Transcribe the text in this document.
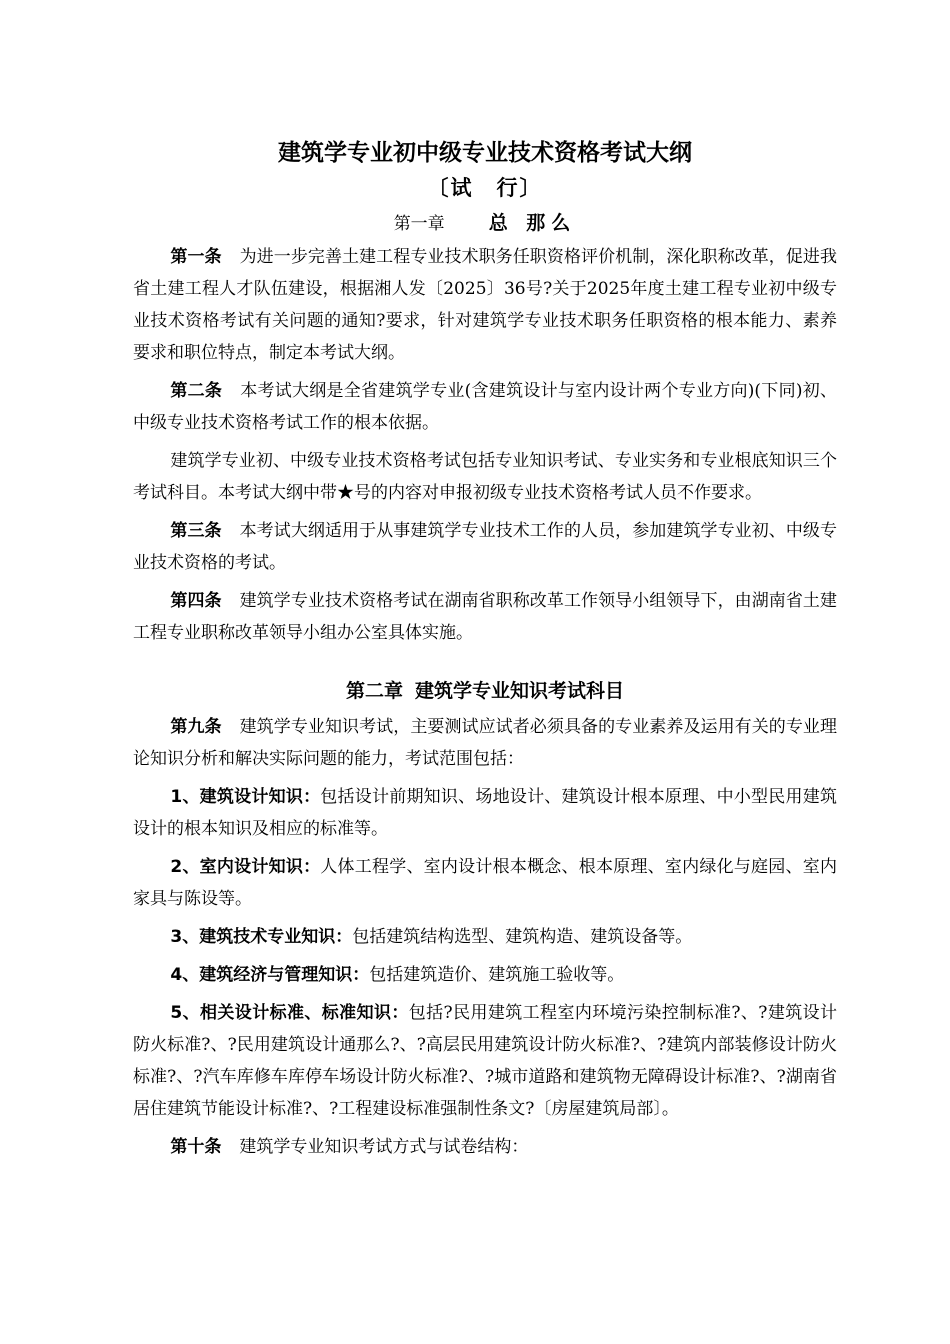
建筑学专业初中级专业技术资格考试大纲
〔试　行〕
第一章 总 那么

第一条 为进一步完善土建工程专业技术职务任职资格评价机制，深化职称改革，促进我省土建工程人才队伍建设，根据湘人发〔2025〕36号?关于2025年度土建工程专业初中级专业技术资格考试有关问题的通知?要求，针对建筑学专业技术职务任职资格的根本能力、素养要求和职位特点，制定本考试大纲。

第二条 本考试大纲是全省建筑学专业(含建筑设计与室内设计两个专业方向)(下同)初、中级专业技术资格考试工作的根本依据。

建筑学专业初、中级专业技术资格考试包括专业知识考试、专业实务和专业根底知识三个考试科目。本考试大纲中带★号的内容对申报初级专业技术资格考试人员不作要求。

第三条 本考试大纲适用于从事建筑学专业技术工作的人员，参加建筑学专业初、中级专业技术资格的考试。

第四条 建筑学专业技术资格考试在湖南省职称改革工作领导小组领导下，由湖南省土建工程专业职称改革领导小组办公室具体实施。

第二章 建筑学专业知识考试科目

第九条 建筑学专业知识考试，主要测试应试者必须具备的专业素养及运用有关的专业理论知识分析和解决实际问题的能力，考试范围包括：

1、建筑设计知识：包括设计前期知识、场地设计、建筑设计根本原理、中小型民用建筑设计的根本知识及相应的标准等。

2、室内设计知识：人体工程学、室内设计根本概念、根本原理、室内绿化与庭园、室内家具与陈设等。

3、建筑技术专业知识：包括建筑结构选型、建筑构造、建筑设备等。

4、建筑经济与管理知识：包括建筑造价、建筑施工验收等。

5、相关设计标准、标准知识：包括?民用建筑工程室内环境污染控制标准?、?建筑设计防火标准?、?民用建筑设计通那么?、?高层民用建筑设计防火标准?、?建筑内部装修设计防火标准?、?汽车库修车库停车场设计防火标准?、?城市道路和建筑物无障碍设计标准?、?湖南省居住建筑节能设计标准?、?工程建设标准强制性条文?〔房屋建筑局部〕。

第十条 建筑学专业知识考试方式与试卷结构：
